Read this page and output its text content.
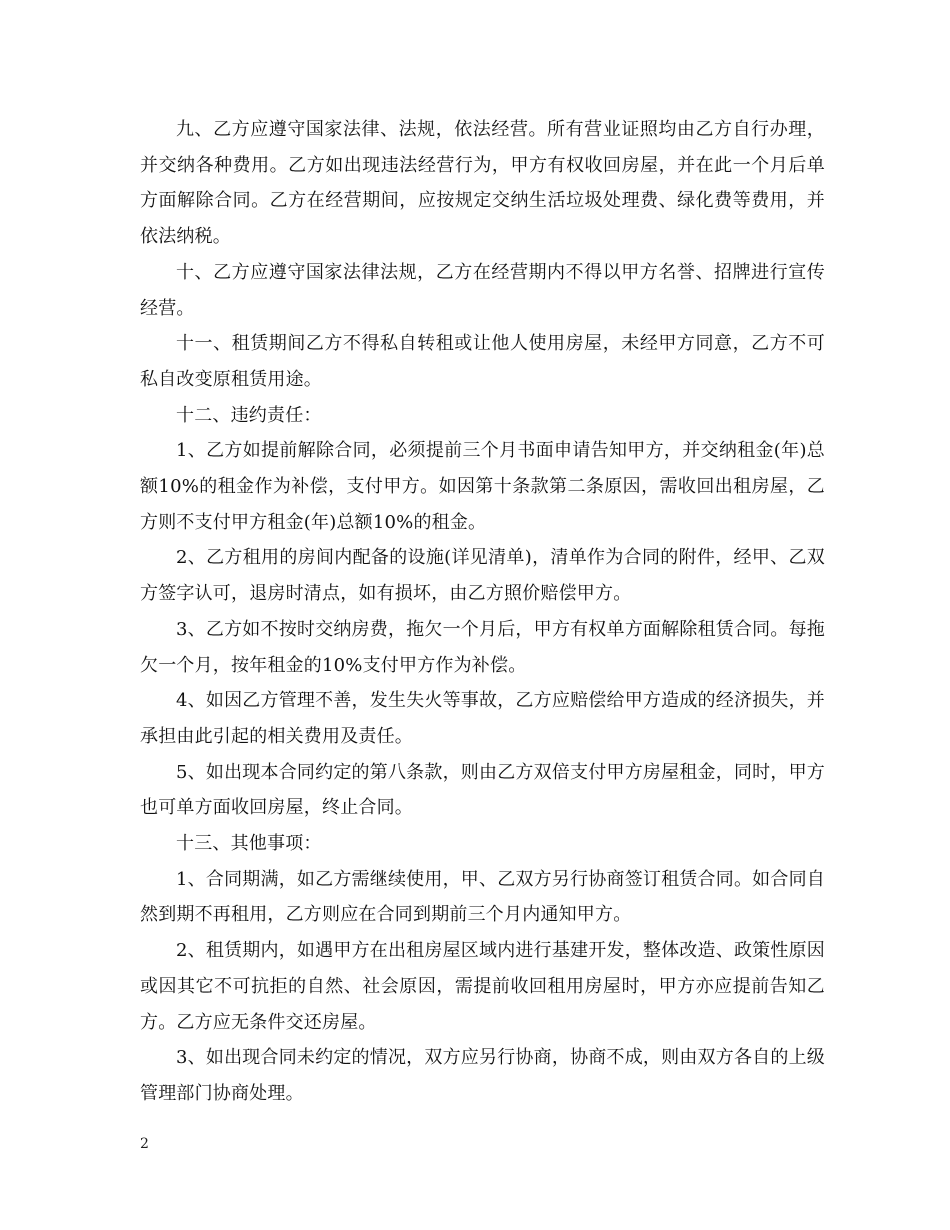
九、乙方应遵守国家法律、法规，依法经营。所有营业证照均由乙方自行办理，并交纳各种费用。乙方如出现违法经营行为，甲方有权收回房屋，并在此一个月后单方面解除合同。乙方在经营期间，应按规定交纳生活垃圾处理费、绿化费等费用，并依法纳税。

十、乙方应遵守国家法律法规，乙方在经营期内不得以甲方名誉、招牌进行宣传经营。

十一、租赁期间乙方不得私自转租或让他人使用房屋，未经甲方同意，乙方不可私自改变原租赁用途。

十二、违约责任：

1、乙方如提前解除合同，必须提前三个月书面申请告知甲方，并交纳租金(年)总额10%的租金作为补偿，支付甲方。如因第十条款第二条原因，需收回出租房屋，乙方则不支付甲方租金(年)总额10%的租金。

2、乙方租用的房间内配备的设施(详见清单)，清单作为合同的附件，经甲、乙双方签字认可，退房时清点，如有损坏，由乙方照价赔偿甲方。

3、乙方如不按时交纳房费，拖欠一个月后，甲方有权单方面解除租赁合同。每拖欠一个月，按年租金的10%支付甲方作为补偿。

4、如因乙方管理不善，发生失火等事故，乙方应赔偿给甲方造成的经济损失，并承担由此引起的相关费用及责任。

5、如出现本合同约定的第八条款，则由乙方双倍支付甲方房屋租金，同时，甲方也可单方面收回房屋，终止合同。

十三、其他事项：

1、合同期满，如乙方需继续使用，甲、乙双方另行协商签订租赁合同。如合同自然到期不再租用，乙方则应在合同到期前三个月内通知甲方。

2、租赁期内，如遇甲方在出租房屋区域内进行基建开发，整体改造、政策性原因或因其它不可抗拒的自然、社会原因，需提前收回租用房屋时，甲方亦应提前告知乙方。乙方应无条件交还房屋。

3、如出现合同未约定的情况，双方应另行协商，协商不成，则由双方各自的上级管理部门协商处理。

2
